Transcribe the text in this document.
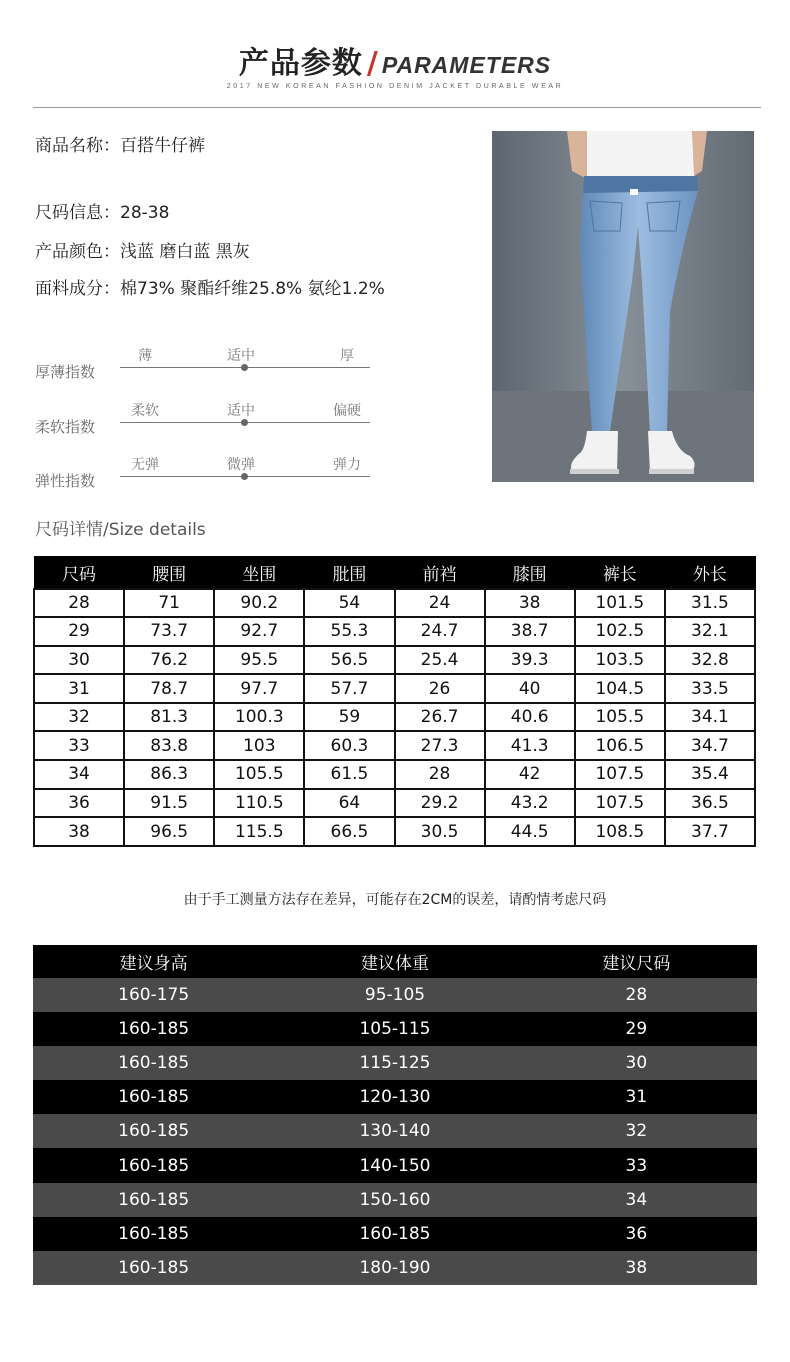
产品参数 / PARAMETERS
2017 NEW KOREAN FASHION DENIM JACKET DURABLE WEAR
商品名称：百搭牛仔裤
尺码信息：28-38
产品颜色：浅蓝 磨白蓝 黑灰
面料成分：棉73% 聚酯纤维25.8% 氨纶1.2%
厚薄指数
薄	适中	厚
柔软指数
柔软	适中	偏硬
弹性指数
无弹	微弹	弹力
尺码详情/Size details
尺码	腰围	坐围	肶围	前裆	膝围	裤长	外长
28	71	90.2	54	24	38	101.5	31.5
29	73.7	92.7	55.3	24.7	38.7	102.5	32.1
30	76.2	95.5	56.5	25.4	39.3	103.5	32.8
31	78.7	97.7	57.7	26	40	104.5	33.5
32	81.3	100.3	59	26.7	40.6	105.5	34.1
33	83.8	103	60.3	27.3	41.3	106.5	34.7
34	86.3	105.5	61.5	28	42	107.5	35.4
36	91.5	110.5	64	29.2	43.2	107.5	36.5
38	96.5	115.5	66.5	30.5	44.5	108.5	37.7
由于手工测量方法存在差异，可能存在2CM的误差，请酌情考虑尺码
建议身高	建议体重	建议尺码
160-175	95-105	28
160-185	105-115	29
160-185	115-125	30
160-185	120-130	31
160-185	130-140	32
160-185	140-150	33
160-185	150-160	34
160-185	160-185	36
160-185	180-190	38
